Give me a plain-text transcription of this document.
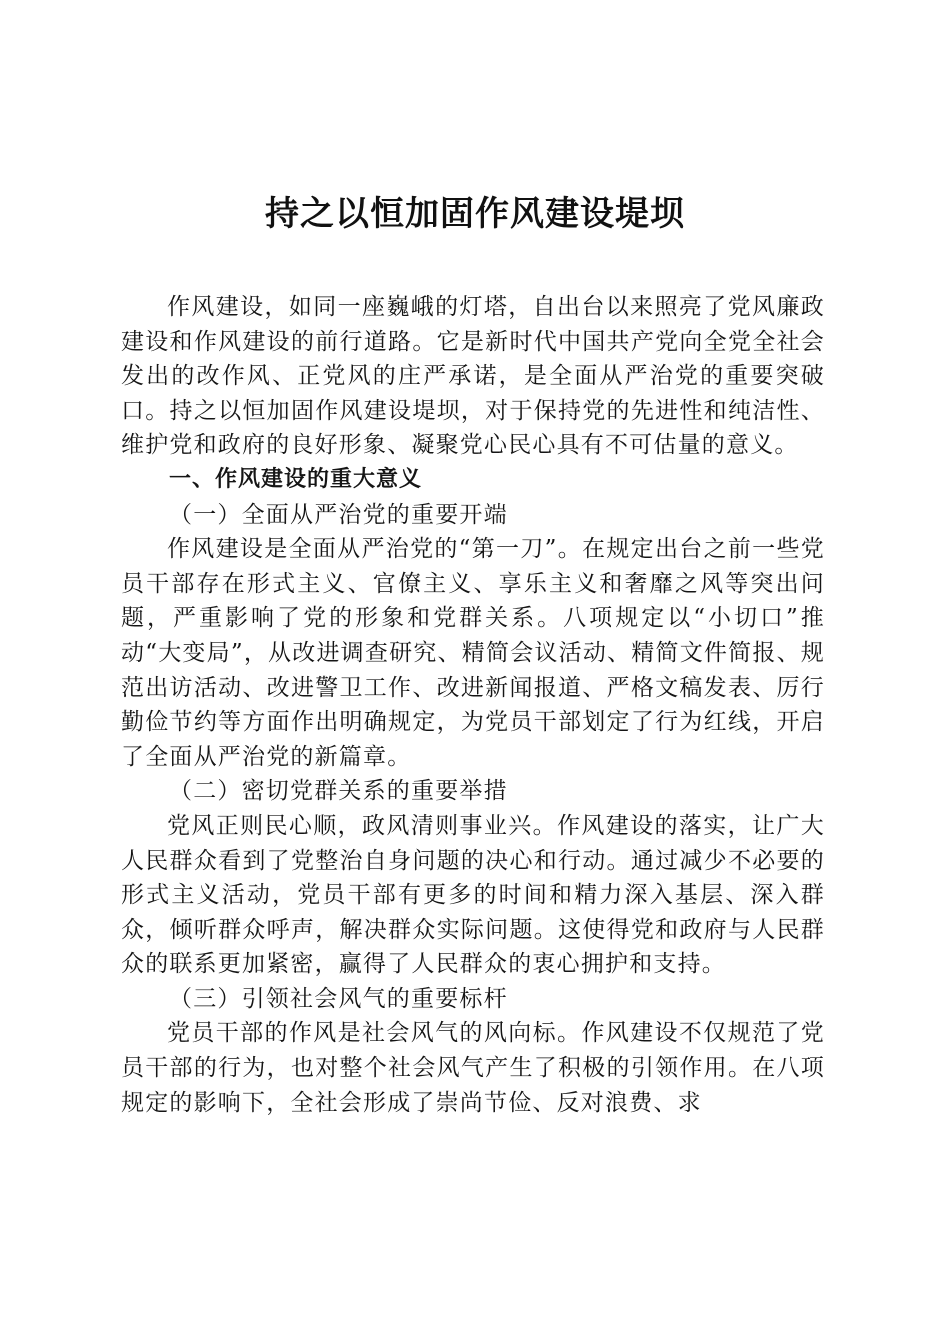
持之以恒加固作风建设堤坝

作风建设，如同一座巍峨的灯塔，自出台以来照亮了党风廉政建设和作风建设的前行道路。它是新时代中国共产党向全党全社会发出的改作风、正党风的庄严承诺，是全面从严治党的重要突破口。持之以恒加固作风建设堤坝，对于保持党的先进性和纯洁性、维护党和政府的良好形象、凝聚党心民心具有不可估量的意义。

一、作风建设的重大意义

（一）全面从严治党的重要开端

作风建设是全面从严治党的“第一刀”。在规定出台之前一些党员干部存在形式主义、官僚主义、享乐主义和奢靡之风等突出问题，严重影响了党的形象和党群关系。八项规定以“小切口”推动“大变局”，从改进调查研究、精简会议活动、精简文件简报、规范出访活动、改进警卫工作、改进新闻报道、严格文稿发表、厉行勤俭节约等方面作出明确规定，为党员干部划定了行为红线，开启了全面从严治党的新篇章。

（二）密切党群关系的重要举措

党风正则民心顺，政风清则事业兴。作风建设的落实，让广大人民群众看到了党整治自身问题的决心和行动。通过减少不必要的形式主义活动，党员干部有更多的时间和精力深入基层、深入群众，倾听群众呼声，解决群众实际问题。这使得党和政府与人民群众的联系更加紧密，赢得了人民群众的衷心拥护和支持。

（三）引领社会风气的重要标杆

党员干部的作风是社会风气的风向标。作风建设不仅规范了党员干部的行为，也对整个社会风气产生了积极的引领作用。在八项规定的影响下，全社会形成了崇尚节俭、反对浪费、求
